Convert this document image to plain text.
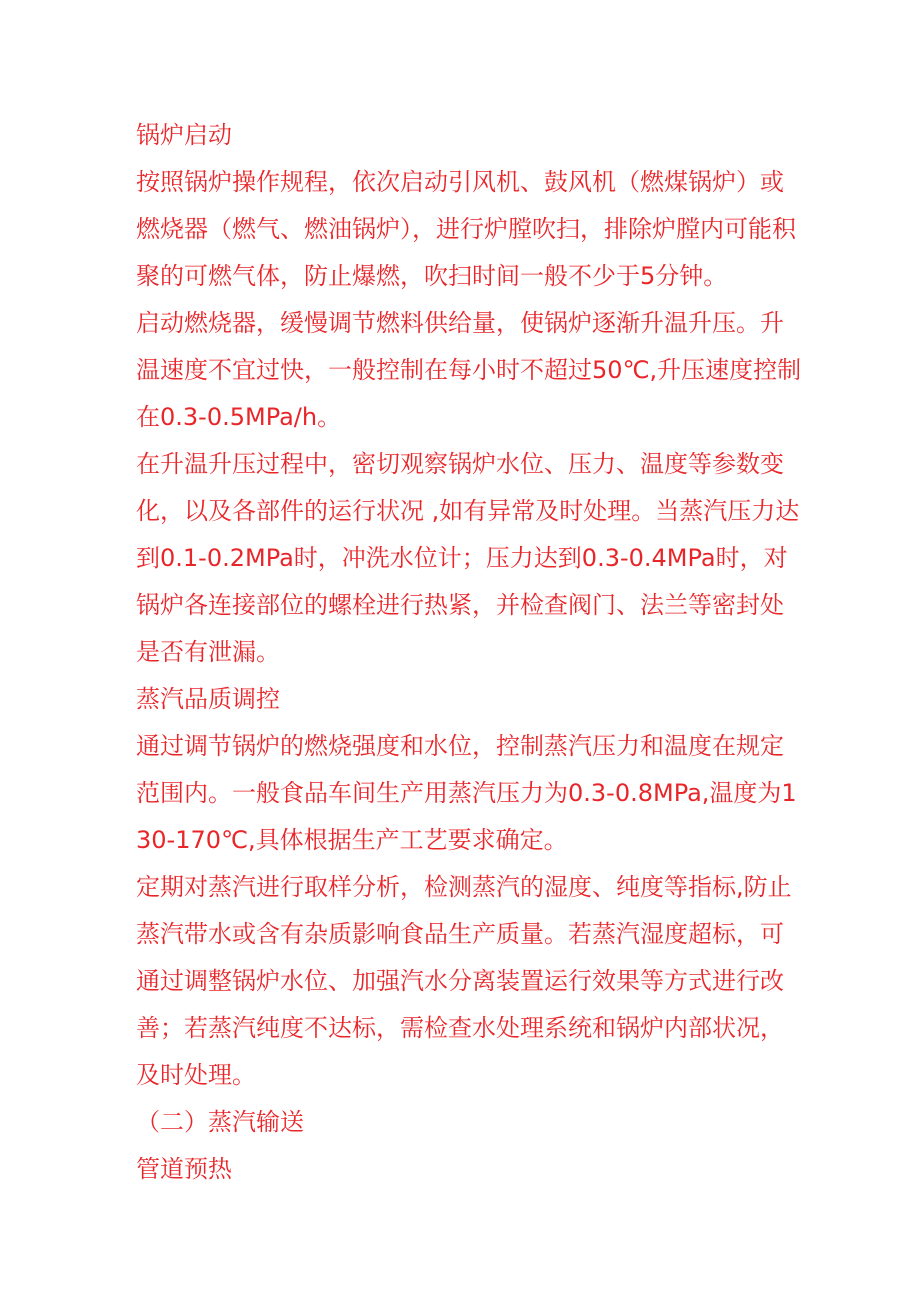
锅炉启动

按照锅炉操作规程，依次启动引风机、鼓风机（燃煤锅炉）或燃烧器（燃气、燃油锅炉），进行炉膛吹扫，排除炉膛内可能积聚的可燃气体，防止爆燃，吹扫时间一般不少于5分钟。

启动燃烧器，缓慢调节燃料供给量，使锅炉逐渐升温升压。升温速度不宜过快，一般控制在每小时不超过50℃,升压速度控制在0.3-0.5MPa/h。

在升温升压过程中，密切观察锅炉水位、压力、温度等参数变化，以及各部件的运行状况 ,如有异常及时处理。当蒸汽压力达到0.1-0.2MPa时，冲洗水位计；压力达到0.3-0.4MPa时，对锅炉各连接部位的螺栓进行热紧，并检查阀门、法兰等密封处是否有泄漏。

蒸汽品质调控

通过调节锅炉的燃烧强度和水位，控制蒸汽压力和温度在规定范围内。一般食品车间生产用蒸汽压力为0.3-0.8MPa,温度为130-170℃,具体根据生产工艺要求确定。

定期对蒸汽进行取样分析，检测蒸汽的湿度、纯度等指标,防止蒸汽带水或含有杂质影响食品生产质量。若蒸汽湿度超标，可通过调整锅炉水位、加强汽水分离装置运行效果等方式进行改善；若蒸汽纯度不达标，需检查水处理系统和锅炉内部状况，及时处理。

（二）蒸汽输送

管道预热
